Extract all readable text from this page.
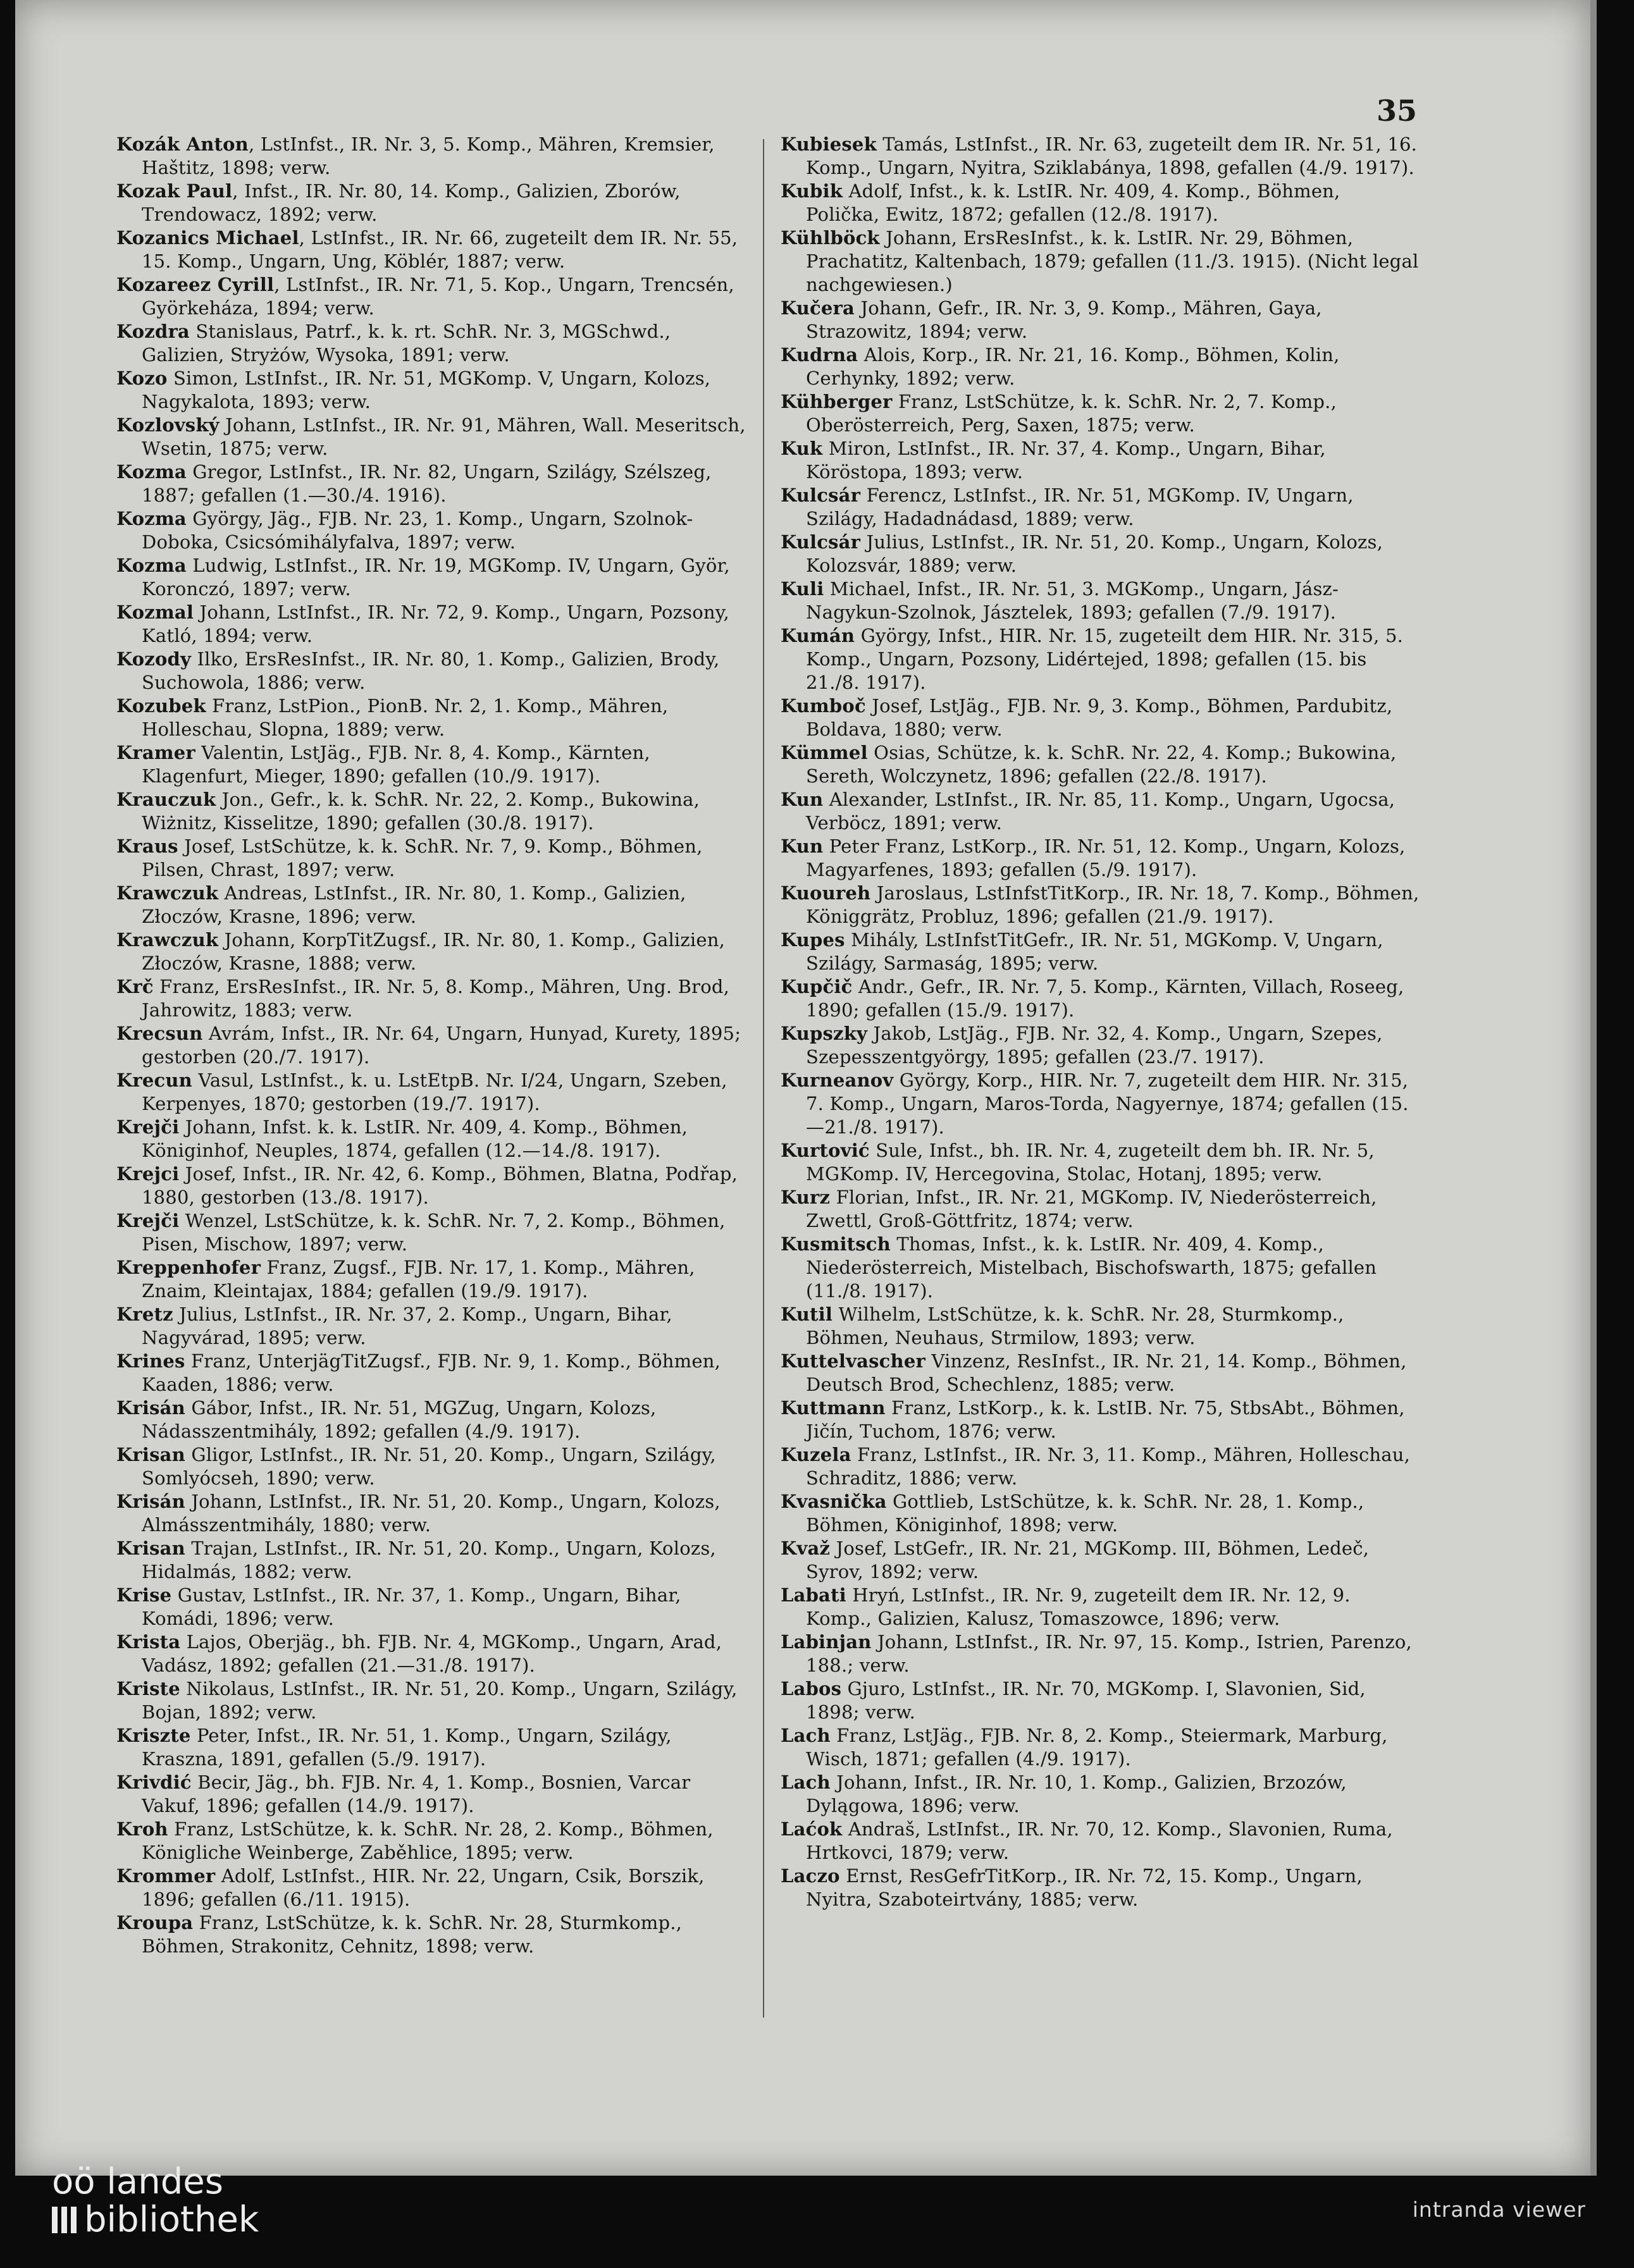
35
Kozák Anton, LstInfst., IR. Nr. 3, 5. Komp., Mähren, Kremsier, Haštitz, 1898; verw.
Kozak Paul, Infst., IR. Nr. 80, 14. Komp., Galizien, Zborów, Trendowacz, 1892; verw.
Kozanics Michael, LstInfst., IR. Nr. 66, zugeteilt dem IR. Nr. 55, 15. Komp., Ungarn, Ung, Köblér, 1887; verw.
Kozareez Cyrill, LstInfst., IR. Nr. 71, 5. Kop., Ungarn, Trencsén, Györkeháza, 1894; verw.
Kozdra Stanislaus, Patrf., k. k. rt. SchR. Nr. 3, MGSchwd., Galizien, Stryżów, Wysoka, 1891; verw.
Kozo Simon, LstInfst., IR. Nr. 51, MGKomp. V, Ungarn, Kolozs, Nagykalota, 1893; verw.
Kozlovský Johann, LstInfst., IR. Nr. 91, Mähren, Wall. Meseritsch, Wsetin, 1875; verw.
Kozma Gregor, LstInfst., IR. Nr. 82, Ungarn, Szilágy, Szélszeg, 1887; gefallen (1.—30./4. 1916).
Kozma György, Jäg., FJB. Nr. 23, 1. Komp., Ungarn, Szolnok-Doboka, Csicsómihályfalva, 1897; verw.
Kozma Ludwig, LstInfst., IR. Nr. 19, MGKomp. IV, Ungarn, Györ, Koronczó, 1897; verw.
Kozmal Johann, LstInfst., IR. Nr. 72, 9. Komp., Ungarn, Pozsony, Katló, 1894; verw.
Kozody Ilko, ErsResInfst., IR. Nr. 80, 1. Komp., Galizien, Brody, Suchowola, 1886; verw.
Kozubek Franz, LstPion., PionB. Nr. 2, 1. Komp., Mähren, Holleschau, Slopna, 1889; verw.
Kramer Valentin, LstJäg., FJB. Nr. 8, 4. Komp., Kärnten, Klagenfurt, Mieger, 1890; gefallen (10./9. 1917).
Krauczuk Jon., Gefr., k. k. SchR. Nr. 22, 2. Komp., Bukowina, Wiżnitz, Kisselitze, 1890; gefallen (30./8. 1917).
Kraus Josef, LstSchütze, k. k. SchR. Nr. 7, 9. Komp., Böhmen, Pilsen, Chrast, 1897; verw.
Krawczuk Andreas, LstInfst., IR. Nr. 80, 1. Komp., Galizien, Złoczów, Krasne, 1896; verw.
Krawczuk Johann, KorpTitZugsf., IR. Nr. 80, 1. Komp., Galizien, Złoczów, Krasne, 1888; verw.
Krč Franz, ErsResInfst., IR. Nr. 5, 8. Komp., Mähren, Ung. Brod, Jahrowitz, 1883; verw.
Krecsun Avrám, Infst., IR. Nr. 64, Ungarn, Hunyad, Kurety, 1895; gestorben (20./7. 1917).
Krecun Vasul, LstInfst., k. u. LstEtpB. Nr. I/24, Ungarn, Szeben, Kerpenyes, 1870; gestorben (19./7. 1917).
Krejči Johann, Infst. k. k. LstIR. Nr. 409, 4. Komp., Böhmen, Königinhof, Neuples, 1874, gefallen (12.—14./8. 1917).
Krejci Josef, Infst., IR. Nr. 42, 6. Komp., Böhmen, Blatna, Podřap, 1880, gestorben (13./8. 1917).
Krejči Wenzel, LstSchütze, k. k. SchR. Nr. 7, 2. Komp., Böhmen, Pisen, Mischow, 1897; verw.
Kreppenhofer Franz, Zugsf., FJB. Nr. 17, 1. Komp., Mähren, Znaim, Kleintajax, 1884; gefallen (19./9. 1917).
Kretz Julius, LstInfst., IR. Nr. 37, 2. Komp., Ungarn, Bihar, Nagyvárad, 1895; verw.
Krines Franz, UnterjägTitZugsf., FJB. Nr. 9, 1. Komp., Böhmen, Kaaden, 1886; verw.
Krisán Gábor, Infst., IR. Nr. 51, MGZug, Ungarn, Kolozs, Nádasszentmihály, 1892; gefallen (4./9. 1917).
Krisan Gligor, LstInfst., IR. Nr. 51, 20. Komp., Ungarn, Szilágy, Somlyócseh, 1890; verw.
Krisán Johann, LstInfst., IR. Nr. 51, 20. Komp., Ungarn, Kolozs, Almásszentmihály, 1880; verw.
Krisan Trajan, LstInfst., IR. Nr. 51, 20. Komp., Ungarn, Kolozs, Hidalmás, 1882; verw.
Krise Gustav, LstInfst., IR. Nr. 37, 1. Komp., Ungarn, Bihar, Komádi, 1896; verw.
Krista Lajos, Oberjäg., bh. FJB. Nr. 4, MGKomp., Ungarn, Arad, Vadász, 1892; gefallen (21.—31./8. 1917).
Kriste Nikolaus, LstInfst., IR. Nr. 51, 20. Komp., Ungarn, Szilágy, Bojan, 1892; verw.
Kriszte Peter, Infst., IR. Nr. 51, 1. Komp., Ungarn, Szilágy, Kraszna, 1891, gefallen (5./9. 1917).
Krivdić Becir, Jäg., bh. FJB. Nr. 4, 1. Komp., Bosnien, Varcar Vakuf, 1896; gefallen (14./9. 1917).
Kroh Franz, LstSchütze, k. k. SchR. Nr. 28, 2. Komp., Böhmen, Königliche Weinberge, Zaběhlice, 1895; verw.
Krommer Adolf, LstInfst., HIR. Nr. 22, Ungarn, Csik, Borszik, 1896; gefallen (6./11. 1915).
Kroupa Franz, LstSchütze, k. k. SchR. Nr. 28, Sturmkomp., Böhmen, Strakonitz, Cehnitz, 1898; verw.
Kubiesek Tamás, LstInfst., IR. Nr. 63, zugeteilt dem IR. Nr. 51, 16. Komp., Ungarn, Nyitra, Sziklabánya, 1898, gefallen (4./9. 1917).
Kubik Adolf, Infst., k. k. LstIR. Nr. 409, 4. Komp., Böhmen, Polička, Ewitz, 1872; gefallen (12./8. 1917).
Kühlböck Johann, ErsResInfst., k. k. LstIR. Nr. 29, Böhmen, Prachatitz, Kaltenbach, 1879; gefallen (11./3. 1915). (Nicht legal nachgewiesen.)
Kučera Johann, Gefr., IR. Nr. 3, 9. Komp., Mähren, Gaya, Strazowitz, 1894; verw.
Kudrna Alois, Korp., IR. Nr. 21, 16. Komp., Böhmen, Kolin, Cerhynky, 1892; verw.
Kühberger Franz, LstSchütze, k. k. SchR. Nr. 2, 7. Komp., Oberösterreich, Perg, Saxen, 1875; verw.
Kuk Miron, LstInfst., IR. Nr. 37, 4. Komp., Ungarn, Bihar, Köröstopa, 1893; verw.
Kulcsár Ferencz, LstInfst., IR. Nr. 51, MGKomp. IV, Ungarn, Szilágy, Hadadnádasd, 1889; verw.
Kulcsár Julius, LstInfst., IR. Nr. 51, 20. Komp., Ungarn, Kolozs, Kolozsvár, 1889; verw.
Kuli Michael, Infst., IR. Nr. 51, 3. MGKomp., Ungarn, Jász-Nagykun-Szolnok, Jásztelek, 1893; gefallen (7./9. 1917).
Kumán György, Infst., HIR. Nr. 15, zugeteilt dem HIR. Nr. 315, 5. Komp., Ungarn, Pozsony, Lidértejed, 1898; gefallen (15. bis 21./8. 1917).
Kumboč Josef, LstJäg., FJB. Nr. 9, 3. Komp., Böhmen, Pardubitz, Boldava, 1880; verw.
Kümmel Osias, Schütze, k. k. SchR. Nr. 22, 4. Komp.; Bukowina, Sereth, Wolczynetz, 1896; gefallen (22./8. 1917).
Kun Alexander, LstInfst., IR. Nr. 85, 11. Komp., Ungarn, Ugocsa, Verböcz, 1891; verw.
Kun Peter Franz, LstKorp., IR. Nr. 51, 12. Komp., Ungarn, Kolozs, Magyarfenes, 1893; gefallen (5./9. 1917).
Kuoureh Jaroslaus, LstInfstTitKorp., IR. Nr. 18, 7. Komp., Böhmen, Königgrätz, Probluz, 1896; gefallen (21./9. 1917).
Kupes Mihály, LstInfstTitGefr., IR. Nr. 51, MGKomp. V, Ungarn, Szilágy, Sarmaság, 1895; verw.
Kupčič Andr., Gefr., IR. Nr. 7, 5. Komp., Kärnten, Villach, Roseeg, 1890; gefallen (15./9. 1917).
Kupszky Jakob, LstJäg., FJB. Nr. 32, 4. Komp., Ungarn, Szepes, Szepesszentgyörgy, 1895; gefallen (23./7. 1917).
Kurneanov György, Korp., HIR. Nr. 7, zugeteilt dem HIR. Nr. 315, 7. Komp., Ungarn, Maros-Torda, Nagyernye, 1874; gefallen (15.—21./8. 1917).
Kurtović Sule, Infst., bh. IR. Nr. 4, zugeteilt dem bh. IR. Nr. 5, MGKomp. IV, Hercegovina, Stolac, Hotanj, 1895; verw.
Kurz Florian, Infst., IR. Nr. 21, MGKomp. IV, Niederösterreich, Zwettl, Groß-Göttfritz, 1874; verw.
Kusmitsch Thomas, Infst., k. k. LstIR. Nr. 409, 4. Komp., Niederösterreich, Mistelbach, Bischofswarth, 1875; gefallen (11./8. 1917).
Kutil Wilhelm, LstSchütze, k. k. SchR. Nr. 28, Sturmkomp., Böhmen, Neuhaus, Strmilow, 1893; verw.
Kuttelvascher Vinzenz, ResInfst., IR. Nr. 21, 14. Komp., Böhmen, Deutsch Brod, Schechlenz, 1885; verw.
Kuttmann Franz, LstKorp., k. k. LstIB. Nr. 75, StbsAbt., Böhmen, Jičín, Tuchom, 1876; verw.
Kuzela Franz, LstInfst., IR. Nr. 3, 11. Komp., Mähren, Holleschau, Schraditz, 1886; verw.
Kvasnička Gottlieb, LstSchütze, k. k. SchR. Nr. 28, 1. Komp., Böhmen, Königinhof, 1898; verw.
Kvaž Josef, LstGefr., IR. Nr. 21, MGKomp. III, Böhmen, Ledeč, Syrov, 1892; verw.
Labati Hryń, LstInfst., IR. Nr. 9, zugeteilt dem IR. Nr. 12, 9. Komp., Galizien, Kalusz, Tomaszowce, 1896; verw.
Labinjan Johann, LstInfst., IR. Nr. 97, 15. Komp., Istrien, Parenzo, 188.; verw.
Labos Gjuro, LstInfst., IR. Nr. 70, MGKomp. I, Slavonien, Sid, 1898; verw.
Lach Franz, LstJäg., FJB. Nr. 8, 2. Komp., Steiermark, Marburg, Wisch, 1871; gefallen (4./9. 1917).
Lach Johann, Infst., IR. Nr. 10, 1. Komp., Galizien, Brzozów, Dylągowa, 1896; verw.
Laćok Andraš, LstInfst., IR. Nr. 70, 12. Komp., Slavonien, Ruma, Hrtkovci, 1879; verw.
Laczo Ernst, ResGefrTitKorp., IR. Nr. 72, 15. Komp., Ungarn, Nyitra, Szaboteirtvány, 1885; verw.
oö landes
bibliothek	intranda viewer
